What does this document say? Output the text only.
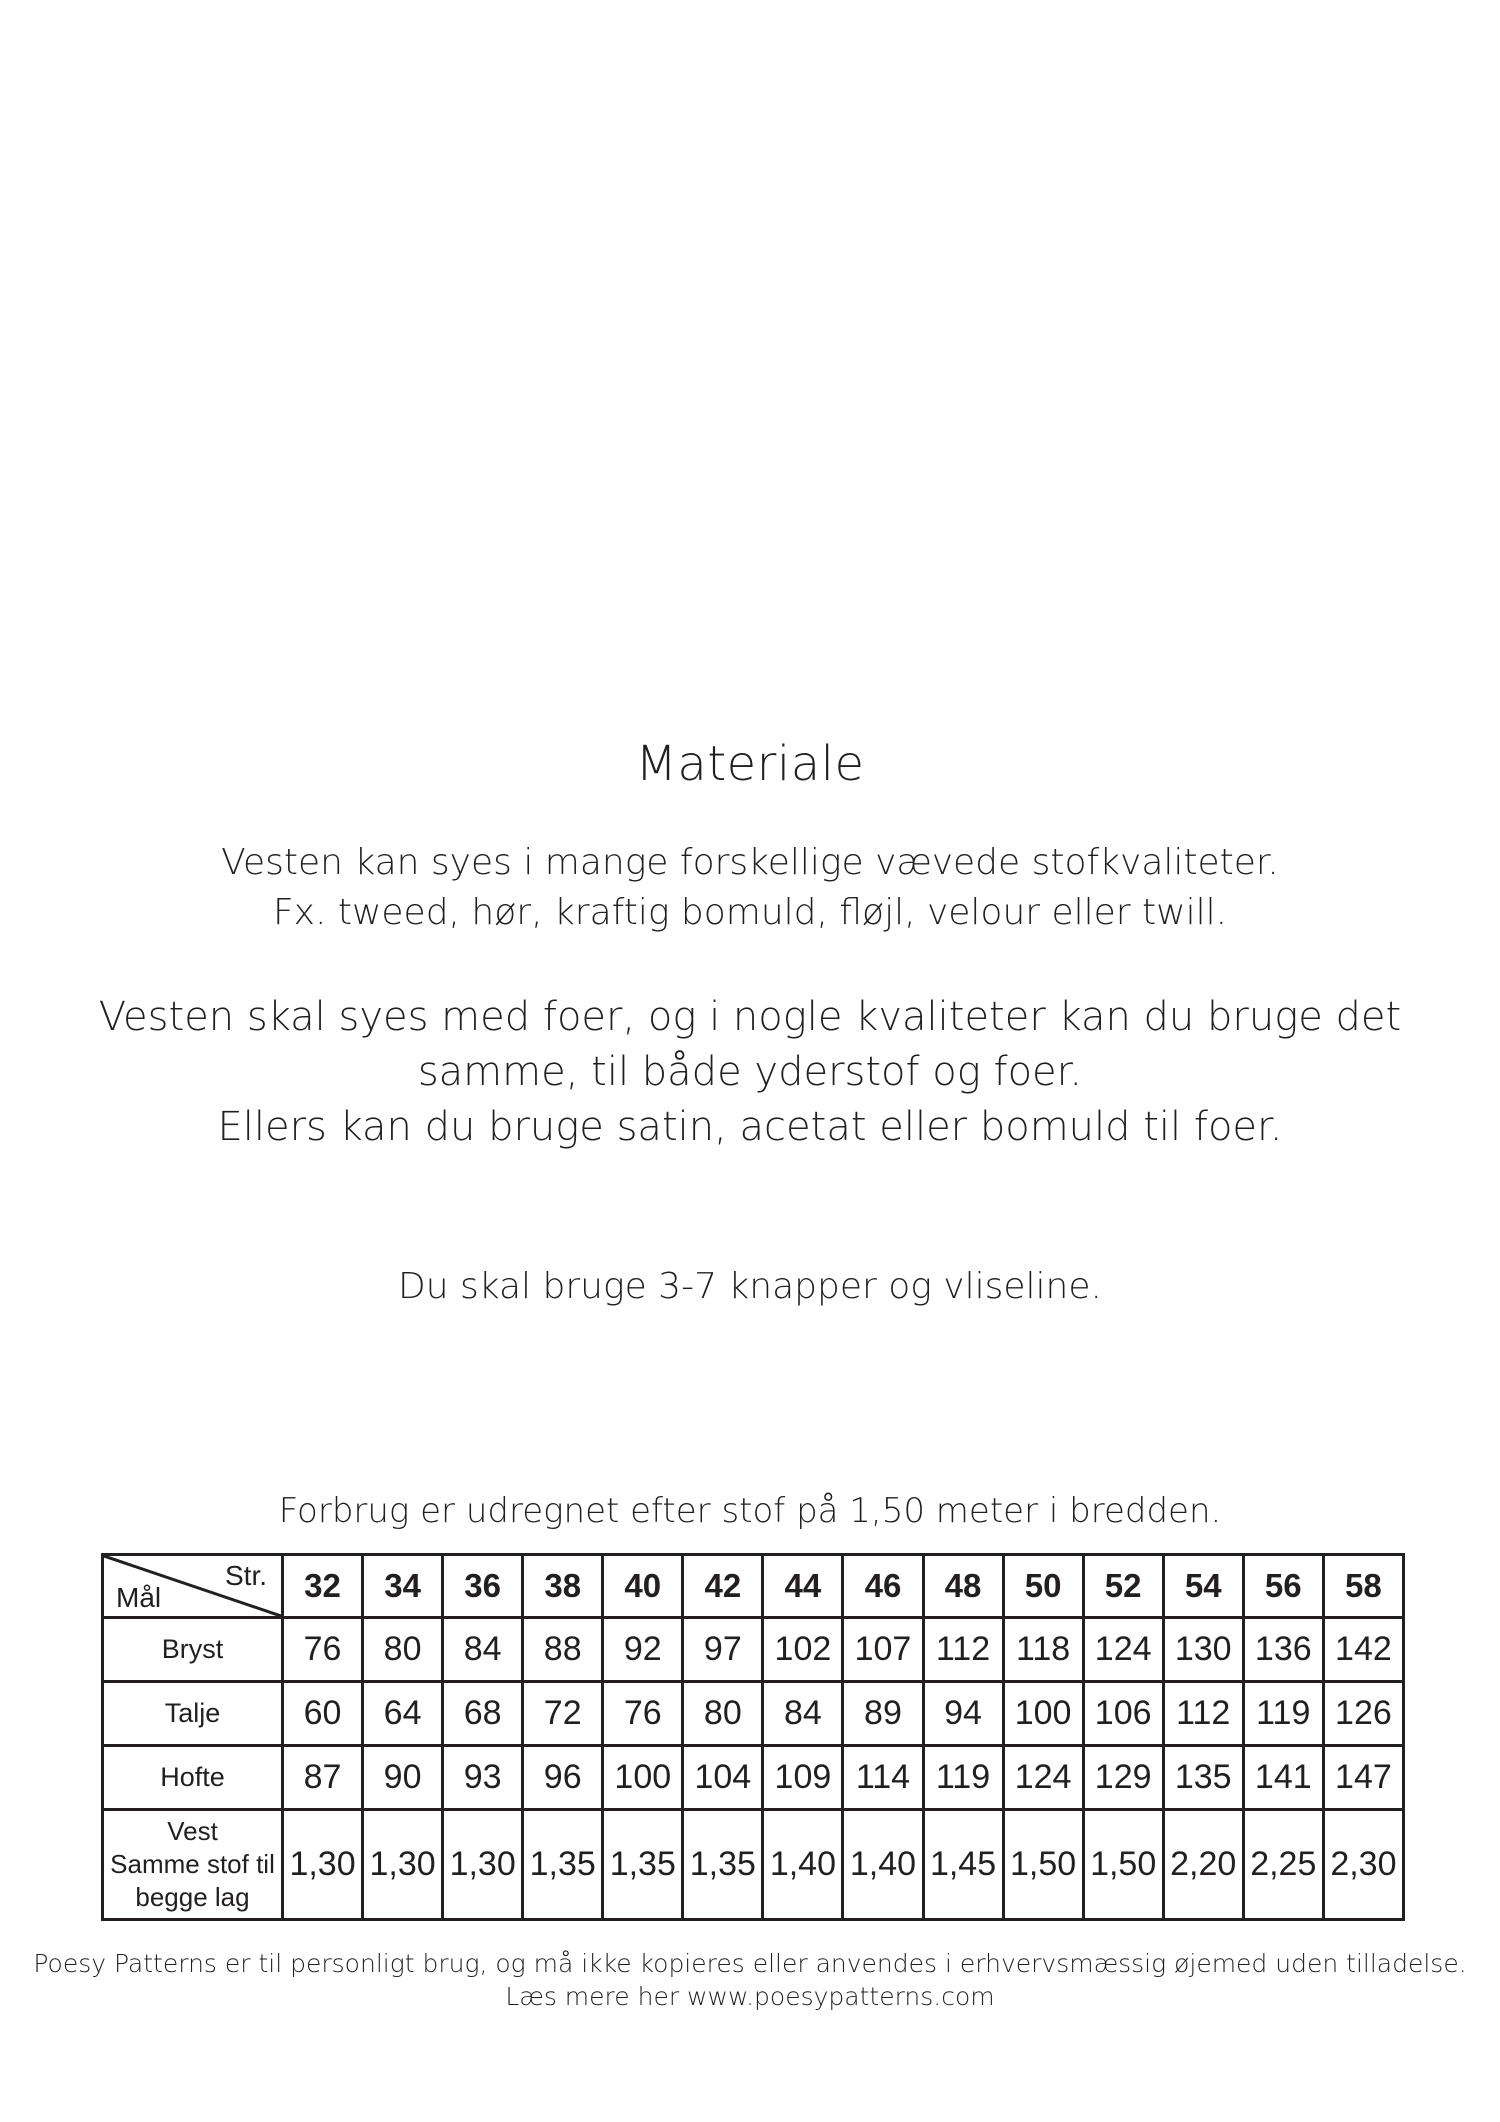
Materiale
Vesten kan syes i mange forskellige vævede stofkvaliteter.
Fx. tweed, hør, kraftig bomuld, fløjl, velour eller twill.
Vesten skal syes med foer, og i nogle kvaliteter kan du bruge det
samme, til både yderstof og foer.
Ellers kan du bruge satin, acetat eller bomuld til foer.
Du skal bruge 3-7 knapper og vliseline.
Forbrug er udregnet efter stof på 1,50 meter i bredden.
Str.
Mål	32	34	36	38	40	42	44	46	48	50	52	54	56	58
Bryst	76	80	84	88	92	97	102	107	112	118	124	130	136	142
Talje	60	64	68	72	76	80	84	89	94	100	106	112	119	126
Hofte	87	90	93	96	100	104	109	114	119	124	129	135	141	147

Vest
Samme stof til
begge lag	1,30	1,30	1,30	1,35	1,35	1,35	1,40	1,40	1,45	1,50	1,50	2,20	2,25	2,30
Poesy Patterns er til personligt brug, og må ikke kopieres eller anvendes i erhvervsmæssig øjemed uden tilladelse.
Læs mere her www.poesypatterns.com
